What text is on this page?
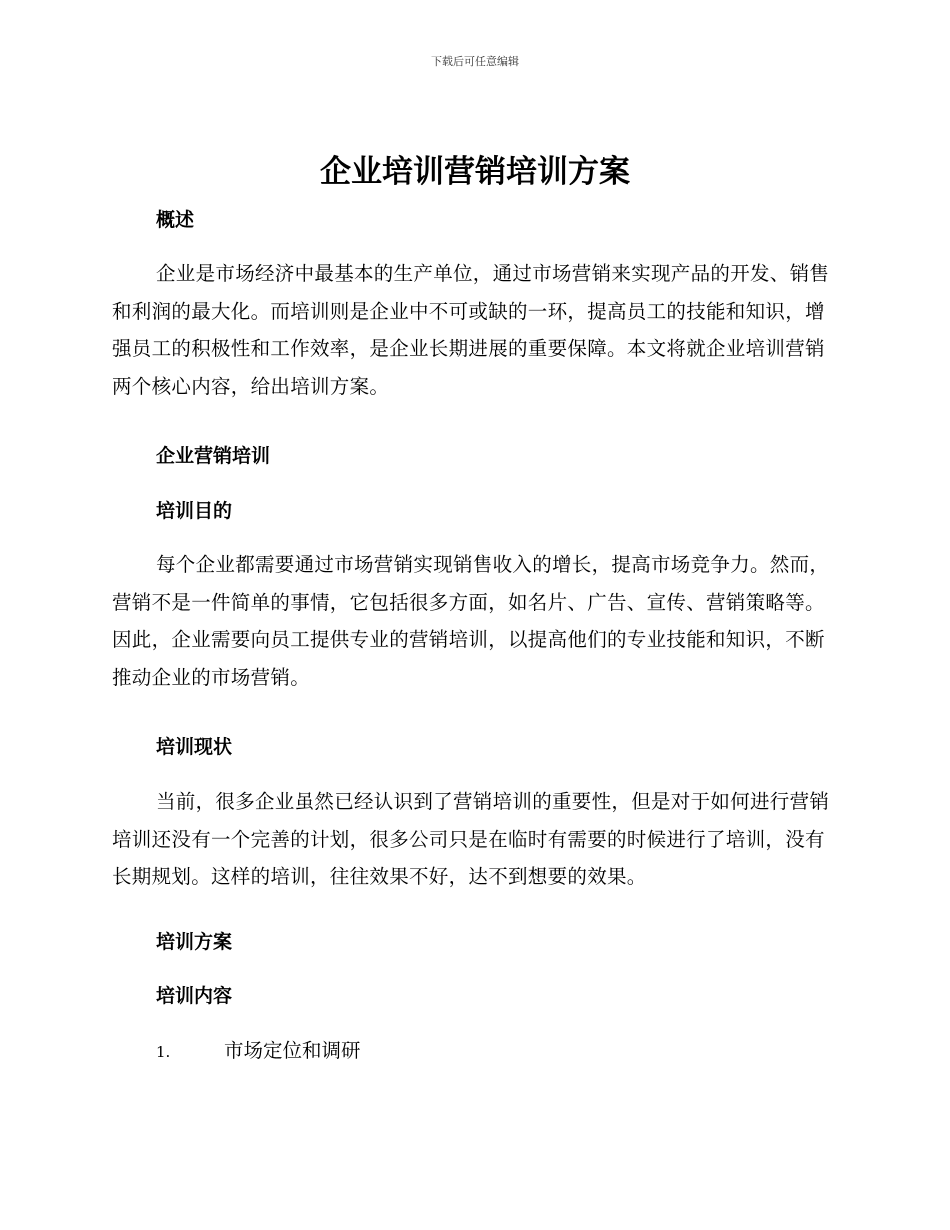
下载后可任意编辑
企业培训营销培训方案
概述

企业是市场经济中最基本的生产单位，通过市场营销来实现产品的开发、销售和利润的最大化。而培训则是企业中不可或缺的一环，提高员工的技能和知识，增强员工的积极性和工作效率，是企业长期进展的重要保障。本文将就企业培训营销两个核心内容，给出培训方案。

企业营销培训
培训目的

每个企业都需要通过市场营销实现销售收入的增长，提高市场竞争力。然而，营销不是一件简单的事情，它包括很多方面，如名片、广告、宣传、营销策略等。因此，企业需要向员工提供专业的营销培训，以提高他们的专业技能和知识，不断推动企业的市场营销。

培训现状

当前，很多企业虽然已经认识到了营销培训的重要性，但是对于如何进行营销培训还没有一个完善的计划，很多公司只是在临时有需要的时候进行了培训，没有长期规划。这样的培训，往往效果不好，达不到想要的效果。

培训方案
培训内容
1.	市场定位和调研
